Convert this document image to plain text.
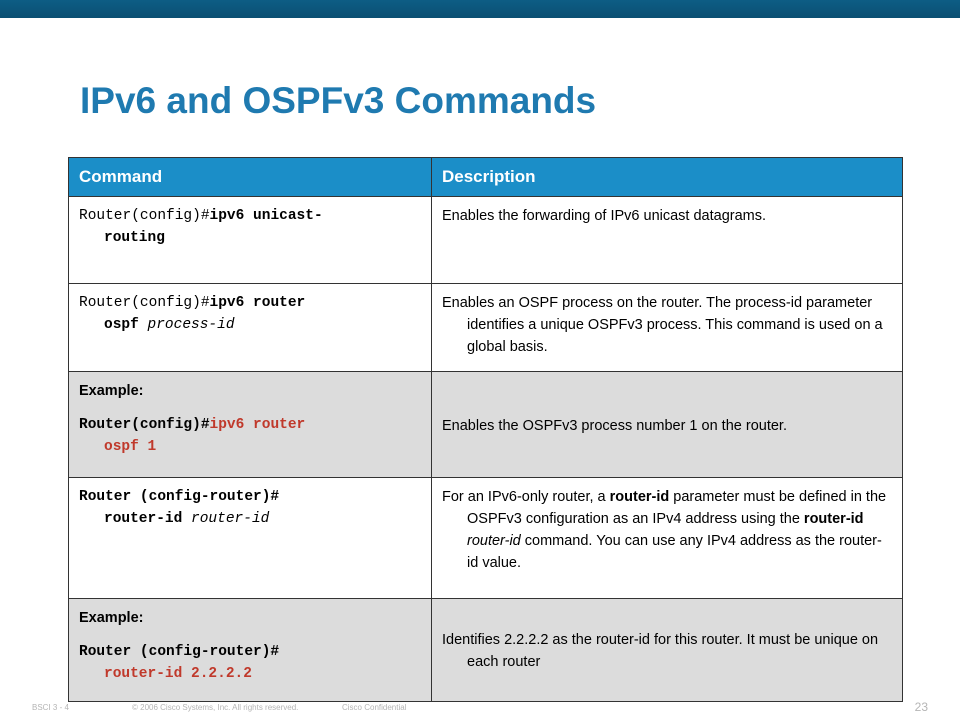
IPv6 and OSPFv3 Commands
Command	Description

Router(config)#ipv6 unicast-
routing	Enables the forwarding of IPv6 unicast datagrams.

Router(config)#ipv6 router
ospf process-id	Enables an OSPF process on the router. The process-id parameter identifies a unique OSPFv3 process. This command is used on a global basis.

Example:
Router(config)#ipv6 router
ospf 1	Enables the OSPFv3 process number 1 on the router.

Router (config-router)#
router-id router-id	For an IPv6-only router, a router-id parameter must be defined in the OSPFv3 configuration as an IPv4 address using the router-id router-id command. You can use any IPv4 address as the router-id value.

Example:
Router (config-router)#
router-id 2.2.2.2	Identifies 2.2.2.2 as the router-id for this router. It must be unique on each router
BSCI 3 - 4	© 2006 Cisco Systems, Inc. All rights reserved.	Cisco Confidential	23
